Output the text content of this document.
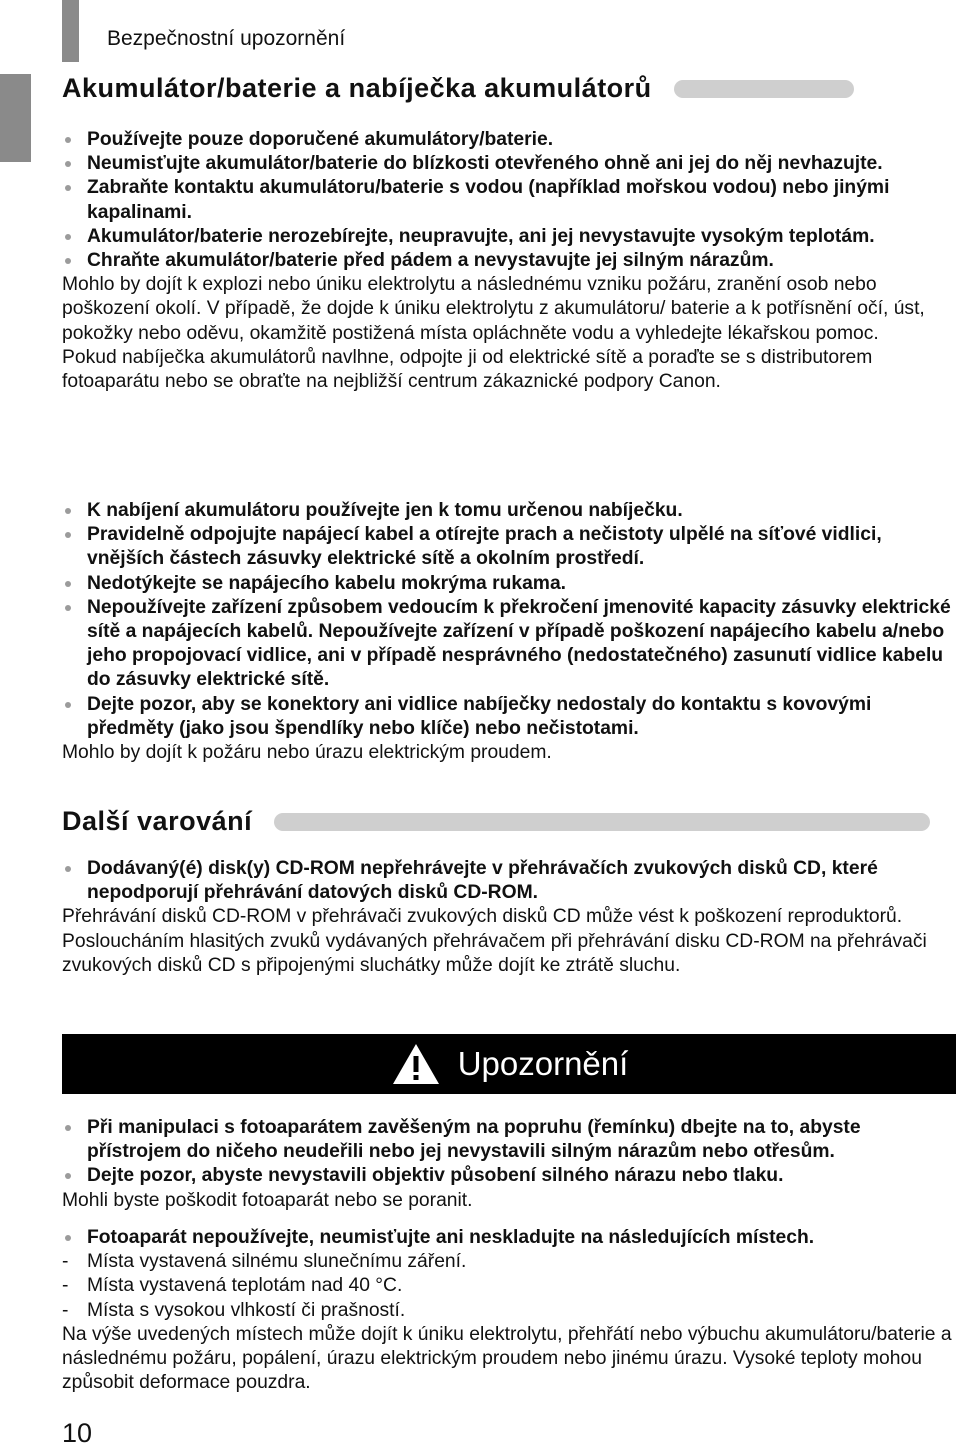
Bezpečnostní upozornění
Akumulátor/baterie a nabíječka akumulátorů
Používejte pouze doporučené akumulátory/baterie.
Neumisťujte akumulátor/baterie do blízkosti otevřeného ohně ani jej do něj nevhazujte.
Zabraňte kontaktu akumulátoru/baterie s vodou (například mořskou vodou) nebo jinými kapalinami.
Akumulátor/baterie nerozebírejte, neupravujte, ani jej nevystavujte vysokým teplotám.
Chraňte akumulátor/baterie před pádem a nevystavujte jej silným nárazům.

Mohlo by dojít k explozi nebo úniku elektrolytu a následnému vzniku požáru, zranění osob nebo poškození okolí. V případě, že dojde k úniku elektrolytu z akumulátoru/ baterie a k potřísnění očí, úst, pokožky nebo oděvu, okamžitě postižená místa opláchněte vodu a vyhledejte lékařskou pomoc.

Pokud nabíječka akumulátorů navlhne, odpojte ji od elektrické sítě a poraďte se s distributorem fotoaparátu nebo se obraťte na nejbližší centrum zákaznické podpory Canon.

K nabíjení akumulátoru používejte jen k tomu určenou nabíječku.
Pravidelně odpojujte napájecí kabel a otírejte prach a nečistoty ulpělé na síťové vidlici, vnějších částech zásuvky elektrické sítě a okolním prostředí.
Nedotýkejte se napájecího kabelu mokrýma rukama.
Nepoužívejte zařízení způsobem vedoucím k překročení jmenovité kapacity zásuvky elektrické sítě a napájecích kabelů. Nepoužívejte zařízení v případě poškození napájecího kabelu a/nebo jeho propojovací vidlice, ani v případě nesprávného (nedostatečného) zasunutí vidlice kabelu do zásuvky elektrické sítě.
Dejte pozor, aby se konektory ani vidlice nabíječky nedostaly do kontaktu s kovovými předměty (jako jsou špendlíky nebo klíče) nebo nečistotami.

Mohlo by dojít k požáru nebo úrazu elektrickým proudem.

Další varování
Dodávaný(é) disk(y) CD-ROM nepřehrávejte v přehrávačích zvukových disků CD, které nepodporují přehrávání datových disků CD-ROM.

Přehrávání disků CD-ROM v přehrávači zvukových disků CD může vést k poškození reproduktorů. Posloucháním hlasitých zvuků vydávaných přehrávačem při přehrávání disku CD-ROM na přehrávači zvukových disků CD s připojenými sluchátky může dojít ke ztrátě sluchu.

Upozornění
Při manipulaci s fotoaparátem zavěšeným na popruhu (řemínku) dbejte na to, abyste přístrojem do ničeho neudeřili nebo jej nevystavili silným nárazům nebo otřesům.
Dejte pozor, abyste nevystavili objektiv působení silného nárazu nebo tlaku.

Mohli byste poškodit fotoaparát nebo se poranit.

Fotoaparát nepoužívejte, neumisťujte ani neskladujte na následujících místech.
- Místa vystavená silnému slunečnímu záření.
- Místa vystavená teplotám nad 40 °C.
- Místa s vysokou vlhkostí či prašností.

Na výše uvedených místech může dojít k úniku elektrolytu, přehřátí nebo výbuchu akumulátoru/baterie a následnému požáru, popálení, úrazu elektrickým proudem nebo jinému úrazu. Vysoké teploty mohou způsobit deformace pouzdra.

10
